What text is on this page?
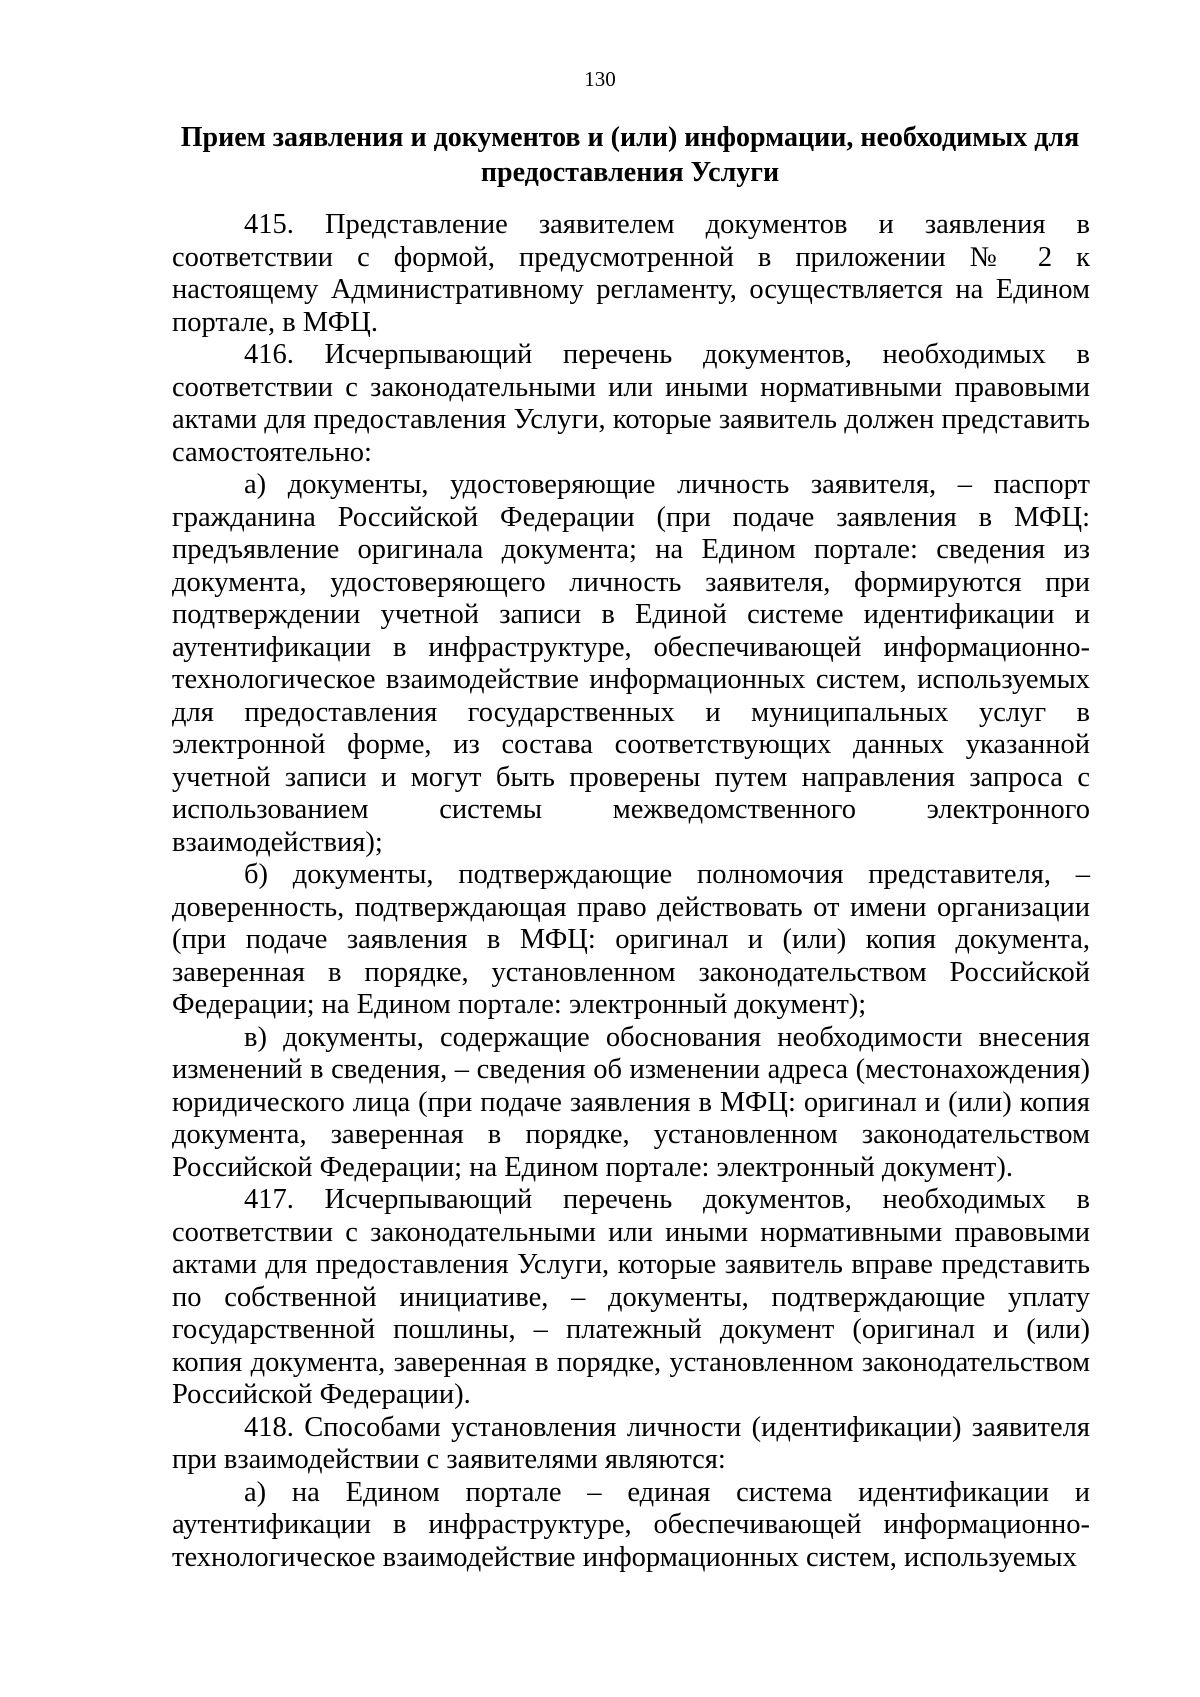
130
Прием заявления и документов и (или) информации, необходимых для предоставления Услуги

415. Представление заявителем документов и заявления в соответствии с формой, предусмотренной в приложении № 2 к настоящему Административному регламенту, осуществляется на Едином портале, в МФЦ.

416. Исчерпывающий перечень документов, необходимых в соответствии с законодательными или иными нормативными правовыми актами для предоставления Услуги, которые заявитель должен представить самостоятельно:

а) документы, удостоверяющие личность заявителя, – паспорт гражданина Российской Федерации (при подаче заявления в МФЦ: предъявление оригинала документа; на Едином портале: сведения из документа, удостоверяющего личность заявителя, формируются при подтверждении учетной записи в Единой системе идентификации и аутентификации в инфраструктуре, обеспечивающей информационно-технологическое взаимодействие информационных систем, используемых для предоставления государственных и муниципальных услуг в электронной форме, из состава соответствующих данных указанной учетной записи и могут быть проверены путем направления запроса с использованием системы межведомственного электронного взаимодействия);

б) документы, подтверждающие полномочия представителя, – доверенность, подтверждающая право действовать от имени организации (при подаче заявления в МФЦ: оригинал и (или) копия документа, заверенная в порядке, установленном законодательством Российской Федерации; на Едином портале: электронный документ);

в) документы, содержащие обоснования необходимости внесения изменений в сведения, – сведения об изменении адреса (местонахождения) юридического лица (при подаче заявления в МФЦ: оригинал и (или) копия документа, заверенная в порядке, установленном законодательством Российской Федерации; на Едином портале: электронный документ).

417. Исчерпывающий перечень документов, необходимых в соответствии с законодательными или иными нормативными правовыми актами для предоставления Услуги, которые заявитель вправе представить по собственной инициативе, – документы, подтверждающие уплату государственной пошлины, – платежный документ (оригинал и (или) копия документа, заверенная в порядке, установленном законодательством Российской Федерации).

418. Способами установления личности (идентификации) заявителя при взаимодействии с заявителями являются:

а) на Едином портале – единая система идентификации и аутентификации в инфраструктуре, обеспечивающей информационно-технологическое взаимодействие информационных систем, используемых
